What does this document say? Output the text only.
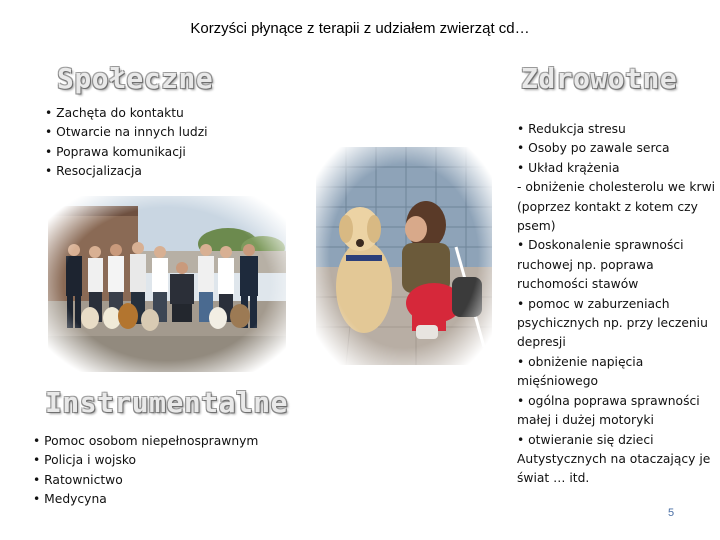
Korzyści płynące z terapii z udziałem zwierząt cd…
Społeczne
• Zachęta do kontaktu
• Otwarcie na innych ludzi
• Poprawa komunikacji
• Resocjalizacja
Instrumentalne
• Pomoc osobom niepełnosprawnym
• Policja i wojsko
• Ratownictwo
• Medycyna
Zdrowotne
• Redukcja stresu
• Osoby po zawale serca
• Układ krążenia
- obniżenie cholesterolu we krwi (poprzez kontakt z kotem czy psem)
• Doskonalenie sprawności ruchowej np. poprawa ruchomości stawów
• pomoc w zaburzeniach psychicznych np. przy leczeniu depresji
• obniżenie napięcia mięśniowego
• ogólna poprawa sprawności małej i dużej motoryki
• otwieranie się dzieci Autystycznych na otaczający je świat … itd.
5
